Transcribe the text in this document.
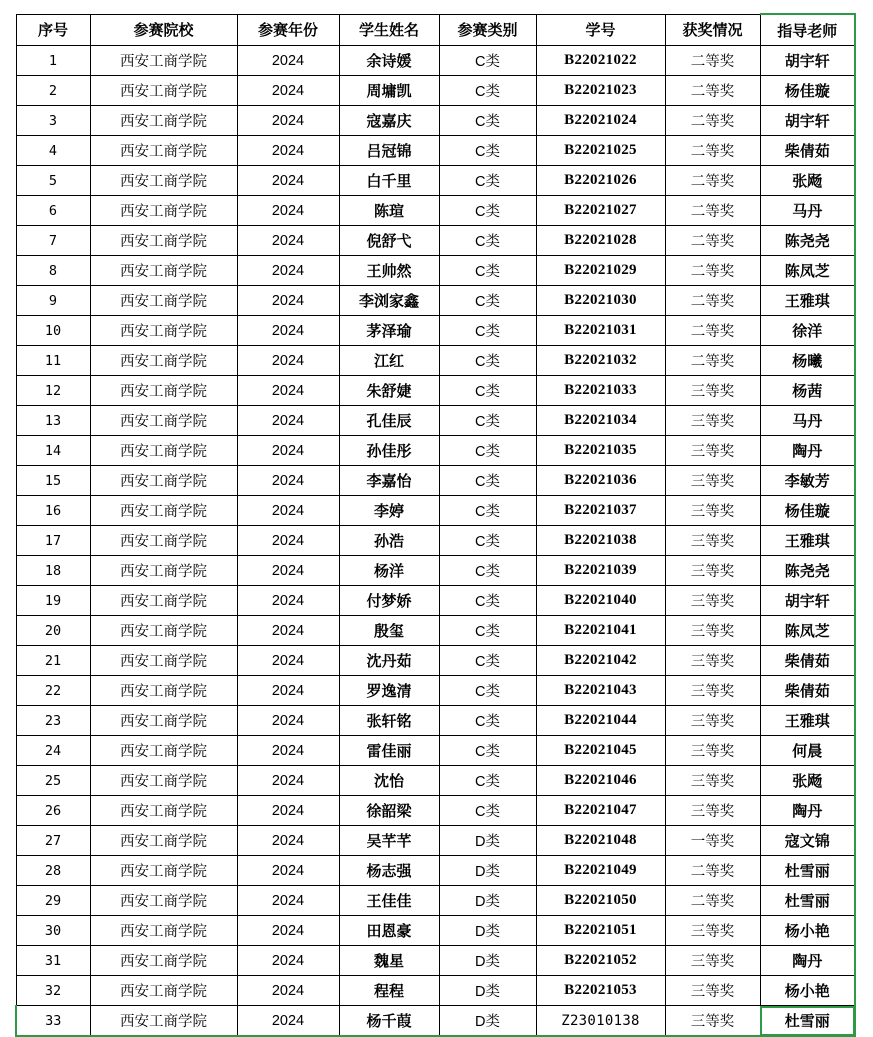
序号	参赛院校	参赛年份	学生姓名	参赛类别	学号	获奖情况	指导老师
1	西安工商学院	2024	余诗媛	C类	B22021022	二等奖	胡宇轩
2	西安工商学院	2024	周墉凯	C类	B22021023	二等奖	杨佳璇
3	西安工商学院	2024	寇嘉庆	C类	B22021024	二等奖	胡宇轩
4	西安工商学院	2024	吕冠锦	C类	B22021025	二等奖	柴倩茹
5	西安工商学院	2024	白千里	C类	B22021026	二等奖	张飏
6	西安工商学院	2024	陈瑄	C类	B22021027	二等奖	马丹
7	西安工商学院	2024	倪舒弋	C类	B22021028	二等奖	陈尧尧
8	西安工商学院	2024	王帅然	C类	B22021029	二等奖	陈凤芝
9	西安工商学院	2024	李浏家鑫	C类	B22021030	二等奖	王雅琪
10	西安工商学院	2024	茅泽瑜	C类	B22021031	二等奖	徐洋
11	西安工商学院	2024	江红	C类	B22021032	二等奖	杨曦
12	西安工商学院	2024	朱舒婕	C类	B22021033	三等奖	杨茜
13	西安工商学院	2024	孔佳辰	C类	B22021034	三等奖	马丹
14	西安工商学院	2024	孙佳彤	C类	B22021035	三等奖	陶丹
15	西安工商学院	2024	李嘉怡	C类	B22021036	三等奖	李敏芳
16	西安工商学院	2024	李婷	C类	B22021037	三等奖	杨佳璇
17	西安工商学院	2024	孙浩	C类	B22021038	三等奖	王雅琪
18	西安工商学院	2024	杨洋	C类	B22021039	三等奖	陈尧尧
19	西安工商学院	2024	付梦娇	C类	B22021040	三等奖	胡宇轩
20	西安工商学院	2024	殷玺	C类	B22021041	三等奖	陈凤芝
21	西安工商学院	2024	沈丹茹	C类	B22021042	三等奖	柴倩茹
22	西安工商学院	2024	罗逸清	C类	B22021043	三等奖	柴倩茹
23	西安工商学院	2024	张轩铭	C类	B22021044	三等奖	王雅琪
24	西安工商学院	2024	雷佳丽	C类	B22021045	三等奖	何晨
25	西安工商学院	2024	沈怡	C类	B22021046	三等奖	张飏
26	西安工商学院	2024	徐韶梁	C类	B22021047	三等奖	陶丹
27	西安工商学院	2024	吴芊芊	D类	B22021048	一等奖	寇文锦
28	西安工商学院	2024	杨志强	D类	B22021049	二等奖	杜雪丽
29	西安工商学院	2024	王佳佳	D类	B22021050	二等奖	杜雪丽
30	西安工商学院	2024	田恩豪	D类	B22021051	三等奖	杨小艳
31	西安工商学院	2024	魏星	D类	B22021052	三等奖	陶丹
32	西安工商学院	2024	程程	D类	B22021053	三等奖	杨小艳
33	西安工商学院	2024	杨千葭	D类	Z23010138	三等奖	杜雪丽
